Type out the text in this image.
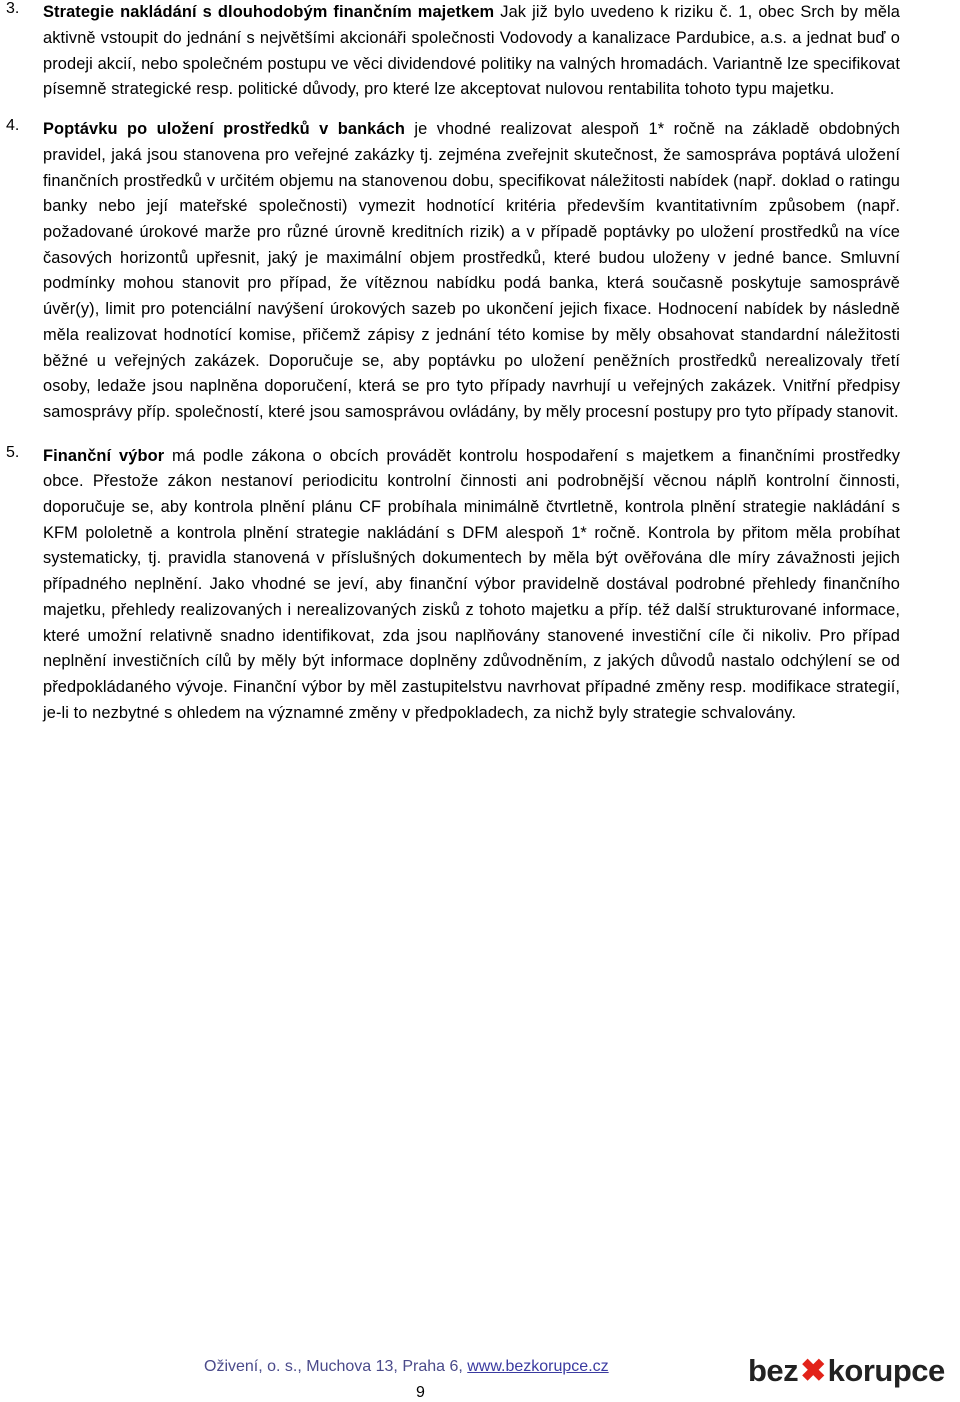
3. Strategie nakládání s dlouhodobým finančním majetkem Jak již bylo uvedeno k riziku č. 1, obec Srch by měla aktivně vstoupit do jednání s největšími akcionáři společnosti Vodovody a kanalizace Pardubice, a.s. a jednat buď o prodeji akcií, nebo společném postupu ve věci dividendové politiky na valných hromadách. Variantně lze specifikovat písemně strategické resp. politické důvody, pro které lze akceptovat nulovou rentabilita tohoto typu majetku.
4. Poptávku po uložení prostředků v bankách je vhodné realizovat alespoň 1* ročně na základě obdobných pravidel, jaká jsou stanovena pro veřejné zakázky tj. zejména zveřejnit skutečnost, že samospráva poptává uložení finančních prostředků v určitém objemu na stanovenou dobu, specifikovat náležitosti nabídek (např. doklad o ratingu banky nebo její mateřské společnosti) vymezit hodnotící kritéria především kvantitativním způsobem (např. požadované úrokové marže pro různé úrovně kreditních rizik) a v případě poptávky po uložení prostředků na více časových horizontů upřesnit, jaký je maximální objem prostředků, které budou uloženy v jedné bance. Smluvní podmínky mohou stanovit pro případ, že vítěznou nabídku podá banka, která současně poskytuje samosprávě úvěr(y), limit pro potenciální navýšení úrokových sazeb po ukončení jejich fixace. Hodnocení nabídek by následně měla realizovat hodnotící komise, přičemž zápisy z jednání této komise by měly obsahovat standardní náležitosti běžné u veřejných zakázek. Doporučuje se, aby poptávku po uložení peněžních prostředků nerealizovaly třetí osoby, ledaže jsou naplněna doporučení, která se pro tyto případy navrhují u veřejných zakázek. Vnitřní předpisy samosprávy příp. společností, které jsou samosprávou ovládány, by měly procesní postupy pro tyto případy stanovit.
5. Finanční výbor má podle zákona o obcích provádět kontrolu hospodaření s majetkem a finančními prostředky obce. Přestože zákon nestanoví periodicitu kontrolní činnosti ani podrobnější věcnou náplň kontrolní činnosti, doporučuje se, aby kontrola plnění plánu CF probíhala minimálně čtvrtletně, kontrola plnění strategie nakládání s KFM pololetně a kontrola plnění strategie nakládání s DFM alespoň 1* ročně. Kontrola by přitom měla probíhat systematicky, tj. pravidla stanovená v příslušných dokumentech by měla být ověřována dle míry závažnosti jejich případného neplnění. Jako vhodné se jeví, aby finanční výbor pravidelně dostával podrobné přehledy finančního majetku, přehledy realizovaných i nerealizovaných zisků z tohoto majetku a příp. též další strukturované informace, které umožní relativně snadno identifikovat, zda jsou naplňovány stanovené investiční cíle či nikoliv. Pro případ neplnění investičních cílů by měly být informace doplněny zdůvodněním, z jakých důvodů nastalo odchýlení se od předpokládaného vývoje. Finanční výbor by měl zastupitelstvu navrhovat případné změny resp. modifikace strategií, je-li to nezbytné s ohledem na významné změny v předpokladech, za nichž byly strategie schvalovány.
Oživení, o. s., Muchova 13, Praha 6, www.bezkorupce.cz
9
bez ✖ korupce
